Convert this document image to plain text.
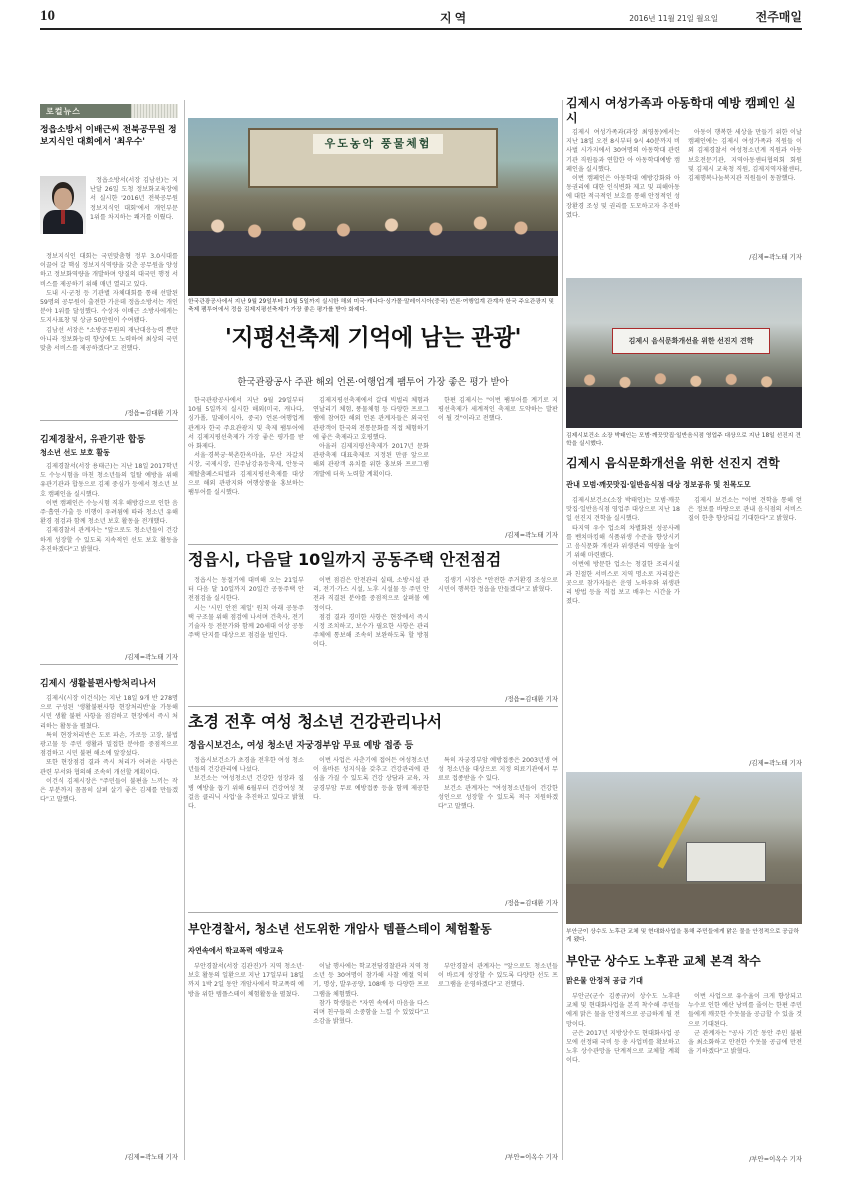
10	지역	2016년 11월 21일 월요일	전주매일
로컬뉴스
정읍소방서 이배근씨 전북공무원 정보지식인 대회에서 '최우수'

정읍소방서(서장 김남선)는 지난달 26일 도청 정보화교육장에서 실시한 '2016년 전북공무원 정보지식인 대회'에서 개인부문 1위를 차지하는 쾌거를 이뤘다.

정보지식인 대회는 국민맞춤형 정부 3.0시대를 이끌어 갈 핵심 정보지식역량을 갖춘 공무원을 양성하고 정보화역량을 개발하며 양질의 대국민 행정 서비스를 제공하기 위해 매년 열리고 있다.

도내 시·군청 등 기관별 자체대회를 통해 선발된 59명의 공무원이 출전한 가운데 정읍소방서는 개인분야 1위를 달성했다. 수상자 이배근 소방사에게는 도지사표창 및 상금 50만원이 수여됐다.

김남선 서장은 "소방공무원의 재난대응능력 뿐만 아니라 정보화능력 향상에도 노력하여 최상의 국민 맞춤 서비스를 제공하겠다"고 전했다.

/정읍=김대환 기자
김제경찰서, 유관기관 합동
청소년 선도 보호 활동

김제경찰서(서장 용태근)는 지난 18일 2017학년도 수능시험을 마친 청소년들의 일탈 예방을 위해 유관기관과 합동으로 김제 중심가 등에서 청소년 보호 캠페인을 실시했다.

이번 캠페인은 수능시험 직후 해방감으로 인한 음주·흡연·가출 등 비행이 우려됨에 따라 청소년 유해환경 점검과 함께 청소년 보호 활동을 전개했다.

김제경찰서 관계자는 "앞으로도 청소년들이 건강하게 성장할 수 있도록 지속적인 선도 보호 활동을 추진하겠다"고 밝혔다.

/김제=곽노태 기자
김제시 생활불편사항처리나서

김제시(시장 이건식)는 지난 18일 9개 반 278명으로 구성된 '생활불편사항 현장처리반'을 가동해 시민 생활 불편 사항을 점검하고 현장에서 즉시 처리하는 활동을 펼쳤다.

특히 현장처리반은 도로 파손, 가로등 고장, 불법 광고물 등 주민 생활과 밀접한 분야를 중점적으로 점검하고 시민 불편 해소에 앞장섰다.

또한 현장점검 결과 즉시 처리가 어려운 사항은 관련 부서와 협의해 조속히 개선할 계획이다.

이건식 김제시장은 "주민들이 불편을 느끼는 작은 부분까지 꼼꼼히 살펴 살기 좋은 김제를 만들겠다"고 말했다.

/김제=곽노태 기자
우도농악 풍물체험
한국관광공사에서 지난 9월 29일부터 10월 5일까지 실시한 해외 미국·캐나다·싱가폴·말레이시아(중국) 언론·여행업계 관계자 한국 주요관광지 및 축제 팸투어에서 정읍 김제지평선축제가 가장 좋은 평가를 받아 화제다.
'지평선축제 기억에 남는 관광'
한국관광공사 주관 해외 언론·여행업계 팸투어 가장 좋은 평가 받아

한국관광공사에서 지난 9월 29일부터 10월 5일까지 실시한 해외(미국, 캐나다, 싱가폴, 말레이시아, 중국) 언론·여행업계 관계자 한국 주요관광지 및 축제 팸투어에서 김제지평선축제가 가장 좋은 평가를 받아 화제다.

서울·경복궁·북촌한옥마을, 부산 자갈치시장, 국제시장, 진주남강유등축제, 안동국제탈춤페스티벌과 김제지평선축제를 대상으로 해외 관광지와 여행상품을 홍보하는 팸투어를 실시했다.

김제지평선축제에서 갈대 빅벌리 체험과 연날리기 체험, 풍물체험 등 다양한 프로그램에 참여한 해외 언론 관계자들은 외국인 관광객이 한국의 전통문화를 직접 체험하기에 좋은 축제라고 호평했다.

아울러 김제지평선축제가 2017년 문화관광축제 대표축제로 지정된 만큼 앞으로 해외 관광객 유치를 위한 홍보와 프로그램 개발에 더욱 노력할 계획이다.

한편 김제시는 "이번 팸투어를 계기로 지평선축제가 세계적인 축제로 도약하는 발판이 될 것"이라고 전했다.

/김제=곽노태 기자
정읍시, 다음달 10일까지 공동주택 안전점검

정읍시는 동절기에 대비해 오는 21일부터 다음 달 10일까지 20일간 공동주택 안전점검을 실시한다.

시는 '시민 안전 제일' 원칙 아래 공동주택 구조물 위해 점검에 나서며 건축사, 전기 기술자 등 전문가와 함께 20세대 이상 공동주택 단지를 대상으로 점검을 벌인다.

이번 점검은 안전관리 실태, 소방시설 관리, 전기·가스 시설, 노후 시설물 등 주민 안전과 직결된 분야를 중점적으로 살펴볼 예정이다.

점검 결과 경미한 사항은 현장에서 즉시 시정 조치하고, 보수가 필요한 사항은 관리 주체에 통보해 조속히 보완하도록 할 방침이다.

김생기 시장은 "안전한 주거환경 조성으로 시민이 행복한 정읍을 만들겠다"고 밝혔다.

/정읍=김대환 기자
초경 전후 여성 청소년 건강관리나서
정읍시보건소, 여성 청소년 자궁경부암 무료 예방 접종 등

정읍시보건소가 초경을 전후한 여성 청소년들의 건강관리에 나섰다.

보건소는 '여성청소년 건강한 성장과 질병 예방을 돕기 위해 6월부터 건강여성 첫 걸음 클리닉 사업'을 추진하고 있다고 밝혔다.

이번 사업은 사춘기에 접어든 여성청소년이 올바른 성지식을 갖추고 건강관리에 관심을 가질 수 있도록 건강 상담과 교육, 자궁경부암 무료 예방접종 등을 함께 제공한다.

특히 자궁경부암 예방접종은 2003년생 여성 청소년을 대상으로 지정 의료기관에서 무료로 접종받을 수 있다.

보건소 관계자는 "여성청소년들이 건강한 성인으로 성장할 수 있도록 적극 지원하겠다"고 말했다.

/정읍=김대환 기자
부안경찰서, 청소년 선도위한 개암사 템플스테이 체험활동
자연속에서 학교폭력 예방교육

부안경찰서(서장 김관진)가 지역 청소년·보호 활동의 일환으로 지난 17일부터 18일까지 1박 2일 동안 개암사에서 학교폭력 예방을 위한 템플스테이 체험활동을 펼쳤다.

이날 행사에는 학교전담경찰관과 지역 청소년 등 30여명이 참가해 사찰 예절 익히기, 명상, 발우공양, 108배 등 다양한 프로그램을 체험했다.

참가 학생들은 "자연 속에서 마음을 다스리며 친구들의 소중함을 느낄 수 있었다"고 소감을 밝혔다.

부안경찰서 관계자는 "앞으로도 청소년들이 바르게 성장할 수 있도록 다양한 선도 프로그램을 운영하겠다"고 전했다.

/부안=이옥수 기자
김제시 여성가족과 아동학대 예방 캠페인 실시

김제시 여성가족과(과장 최영동)에서는 지난 18일 오전 8시부터 9시 40분까지 비사벌 시가지에서 30여명의 아동학대 관련 기관 직원들과 연합한 아 아동학대예방 캠페인을 실시했다.

이번 캠페인은 아동학대 예방강화와 아동권리에 대한 인식변화 제고 및 피해아동에 대한 적극적인 보호를 통해 안정적인 성장환경 조성 및 권리를 도모하고자 추진하였다.

아동이 행복한 세상을 만들기 위한 이날 캠페인에는 김제시 여성가족과 직원들 이외 김제경찰서 여성청소년계 직원과 아동보호전문기관, 지역아동센터협의회 회원 및 김제시 교육청 직원, 김제지역자활센터, 김제행복나눔복지관 직원들이 동참했다.

/김제=곽노태 기자
김제시 음식문화개선을 위한 선진지 견학
김제시보건소 소장 박태인는 모범·깨끗맛집·일반음식점 영업주 대상으로 지난 18일 선진지 견학을 실시했다.
김제시 음식문화개선을 위한 선진지 견학
관내 모범·깨끗맛집·일반음식점 대상 정보공유 및 친목도모

김제시보건소(소장 박태인)는 모범·깨끗맛집·일반음식점 영업주 대상으로 지난 18일 선진지 견학을 실시했다.

타지역 우수 업소의 차별화된 성공사례를 벤치마킹해 식품위생 수준을 향상시키고 음식문화 개선과 위생관리 역량을 높이기 위해 마련됐다.

이번에 방문한 업소는 청결한 조리시설과 친절한 서비스로 지역 명소로 자리잡은 곳으로 참가자들은 운영 노하우와 위생관리 방법 등을 직접 보고 배우는 시간을 가졌다.

김제시 보건소는 "이번 견학을 통해 얻은 정보를 바탕으로 관내 음식점의 서비스 질이 한층 향상되길 기대한다"고 밝혔다.

/김제=곽노태 기자
부안군이 상수도 노후관 교체 및 현대화사업을 통해 주민들에게 맑은 물을 안정적으로 공급하게 됐다.
부안군 상수도 노후관 교체 본격 착수
맑은물 안정적 공급 기대

부안군(군수 김종규)이 상수도 노후관 교체 및 현대화사업을 본격 착수해 주민들에게 맑은 물을 안정적으로 공급하게 될 전망이다.

군은 2017년 지방상수도 현대화사업 공모에 선정돼 국비 등 총 사업비를 확보하고 노후 상수관망을 단계적으로 교체할 계획이다.

이번 사업으로 유수율이 크게 향상되고 누수로 인한 예산 낭비를 줄이는 한편 주민들에게 깨끗한 수돗물을 공급할 수 있을 것으로 기대된다.

군 관계자는 "공사 기간 동안 주민 불편을 최소화하고 안전한 수돗물 공급에 만전을 기하겠다"고 밝혔다.

/부안=이옥수 기자
